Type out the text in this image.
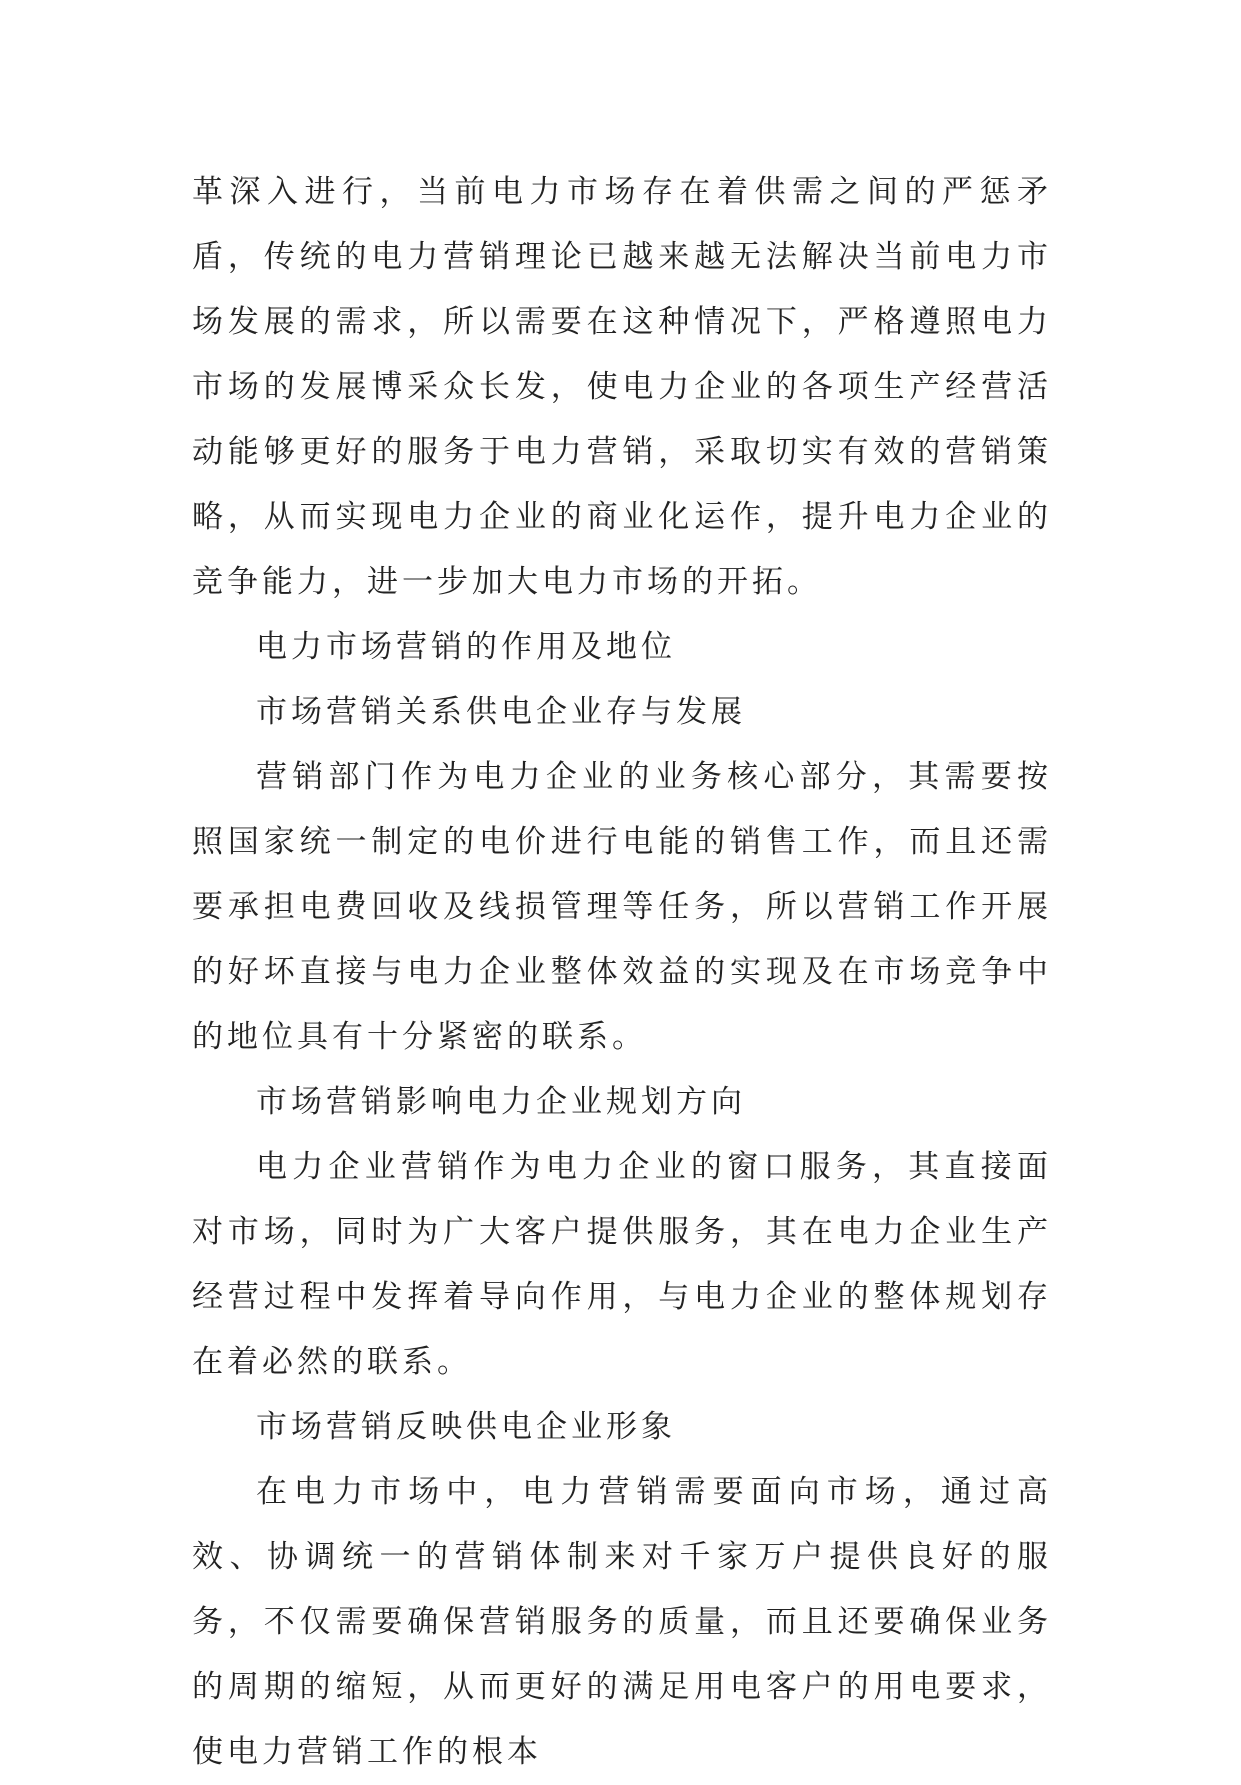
革深入进行，当前电力市场存在着供需之间的严惩矛盾，传统的电力营销理论已越来越无法解决当前电力市场发展的需求，所以需要在这种情况下，严格遵照电力市场的发展博采众长发，使电力企业的各项生产经营活动能够更好的服务于电力营销，采取切实有效的营销策略，从而实现电力企业的商业化运作，提升电力企业的竞争能力，进一步加大电力市场的开拓。

电力市场营销的作用及地位

市场营销关系供电企业存与发展

营销部门作为电力企业的业务核心部分，其需要按照国家统一制定的电价进行电能的销售工作，而且还需要承担电费回收及线损管理等任务，所以营销工作开展的好坏直接与电力企业整体效益的实现及在市场竞争中的地位具有十分紧密的联系。

市场营销影响电力企业规划方向

电力企业营销作为电力企业的窗口服务，其直接面对市场，同时为广大客户提供服务，其在电力企业生产经营过程中发挥着导向作用，与电力企业的整体规划存在着必然的联系。

市场营销反映供电企业形象

在电力市场中，电力营销需要面向市场，通过高效、协调统一的营销体制来对千家万户提供良好的服务，不仅需要确保营销服务的质量，而且还要确保业务的周期的缩短，从而更好的满足用电客户的用电要求，使电力营销工作的根本
